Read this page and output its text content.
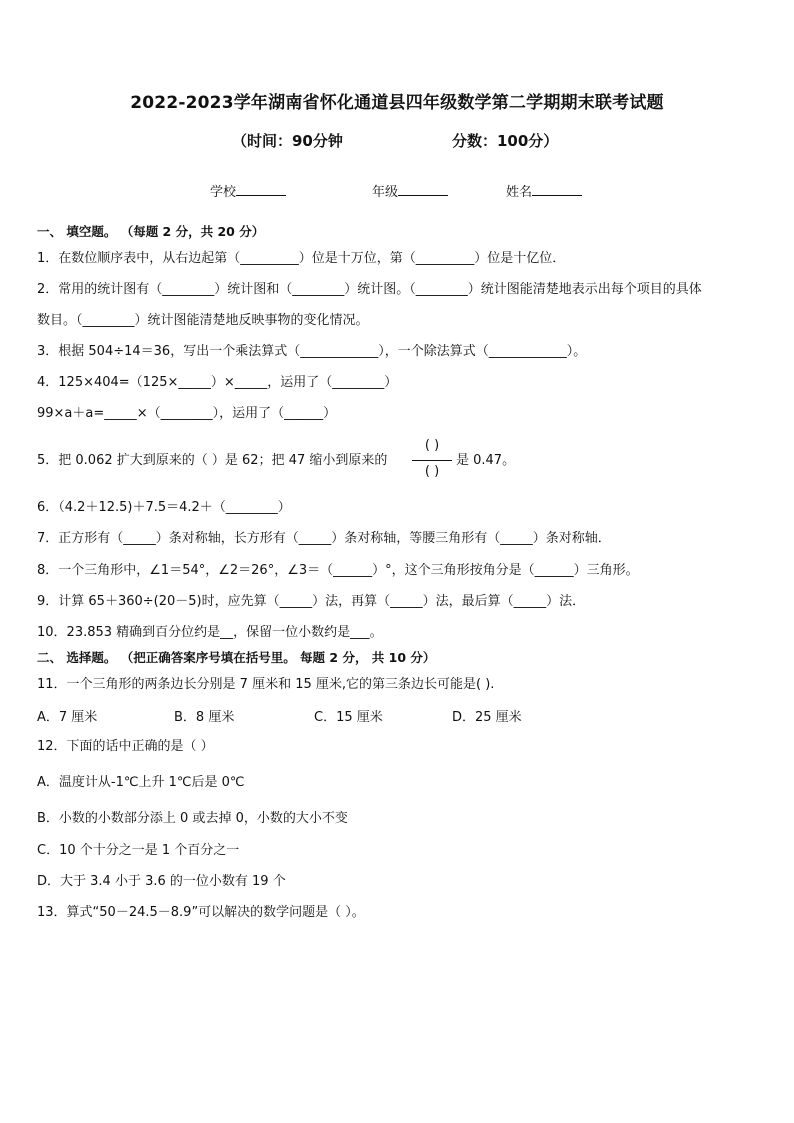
2022-2023学年湖南省怀化通道县四年级数学第二学期期末联考试题
（时间：90分钟	分数：100分）
学校	年级	姓名
一、 填空题。 （每题 2 分，共 20 分）
1．在数位顺序表中，从右边起第（_________）位是十万位，第（_________）位是十亿位．
2．常用的统计图有（________）统计图和（________）统计图。（________）统计图能清楚地表示出每个项目的具体
数目。（________）统计图能清楚地反映事物的变化情况。
3．根据 504÷14＝36，写出一个乘法算式（____________），一个除法算式（____________）。
4．125×404=（125×_____）×_____，运用了（________）
99×a＋a=_____×（________），运用了（______）
5．把 0.062 扩大到原来的（ ）是 62；把 47 缩小到原来的
( )
( )
是 0.47。
6．（4.2＋12.5)＋7.5＝4.2＋（________）
7．正方形有（_____）条对称轴，长方形有（_____）条对称轴，等腰三角形有（_____）条对称轴．
8．一个三角形中，∠1＝54°，∠2＝26°，∠3＝（______）°，这个三角形按角分是（______）三角形。
9．计算 65＋360÷(20－5)时，应先算（_____）法，再算（_____）法，最后算（_____）法．
10．23.853 精确到百分位约是__，保留一位小数约是___。
二、 选择题。 （把正确答案序号填在括号里。 每题 2 分， 共 10 分）
11．一个三角形的两条边长分别是 7 厘米和 15 厘米,它的第三条边长可能是( ).
A．7 厘米	B．8 厘米	C．15 厘米	D．25 厘米
12．下面的话中正确的是（ ）
A．温度计从-1℃上升 1℃后是 0℃
B．小数的小数部分添上 0 或去掉 0，小数的大小不变
C．10 个十分之一是 1 个百分之一
D．大于 3.4 小于 3.6 的一位小数有 19 个
13．算式“50－24.5－8.9”可以解决的数学问题是（ ）。
